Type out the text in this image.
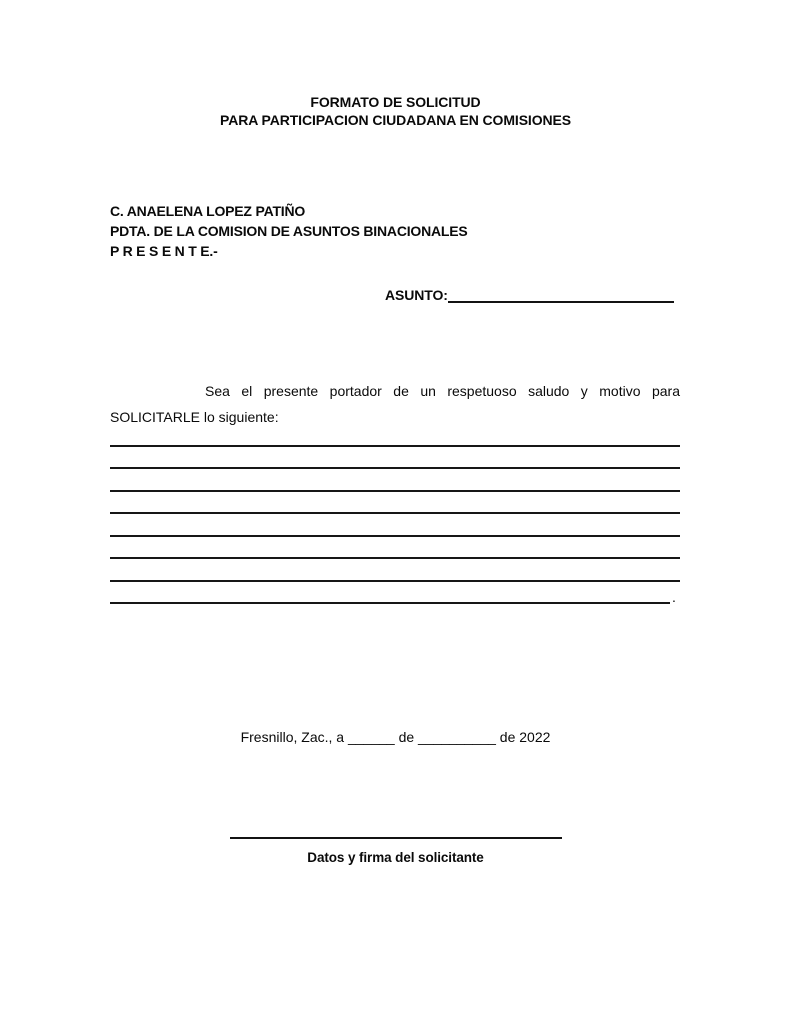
FORMATO DE SOLICITUD
PARA PARTICIPACION CIUDADANA EN COMISIONES
C. ANAELENA LOPEZ PATIÑO
PDTA. DE LA COMISION DE ASUNTOS BINACIONALES
P R E S E N T E.-
ASUNTO:

Sea el presente portador de un respetuoso saludo y motivo para SOLICITARLE lo siguiente:

.
Fresnillo, Zac., a ______ de __________ de 2022
Datos y firma del solicitante
